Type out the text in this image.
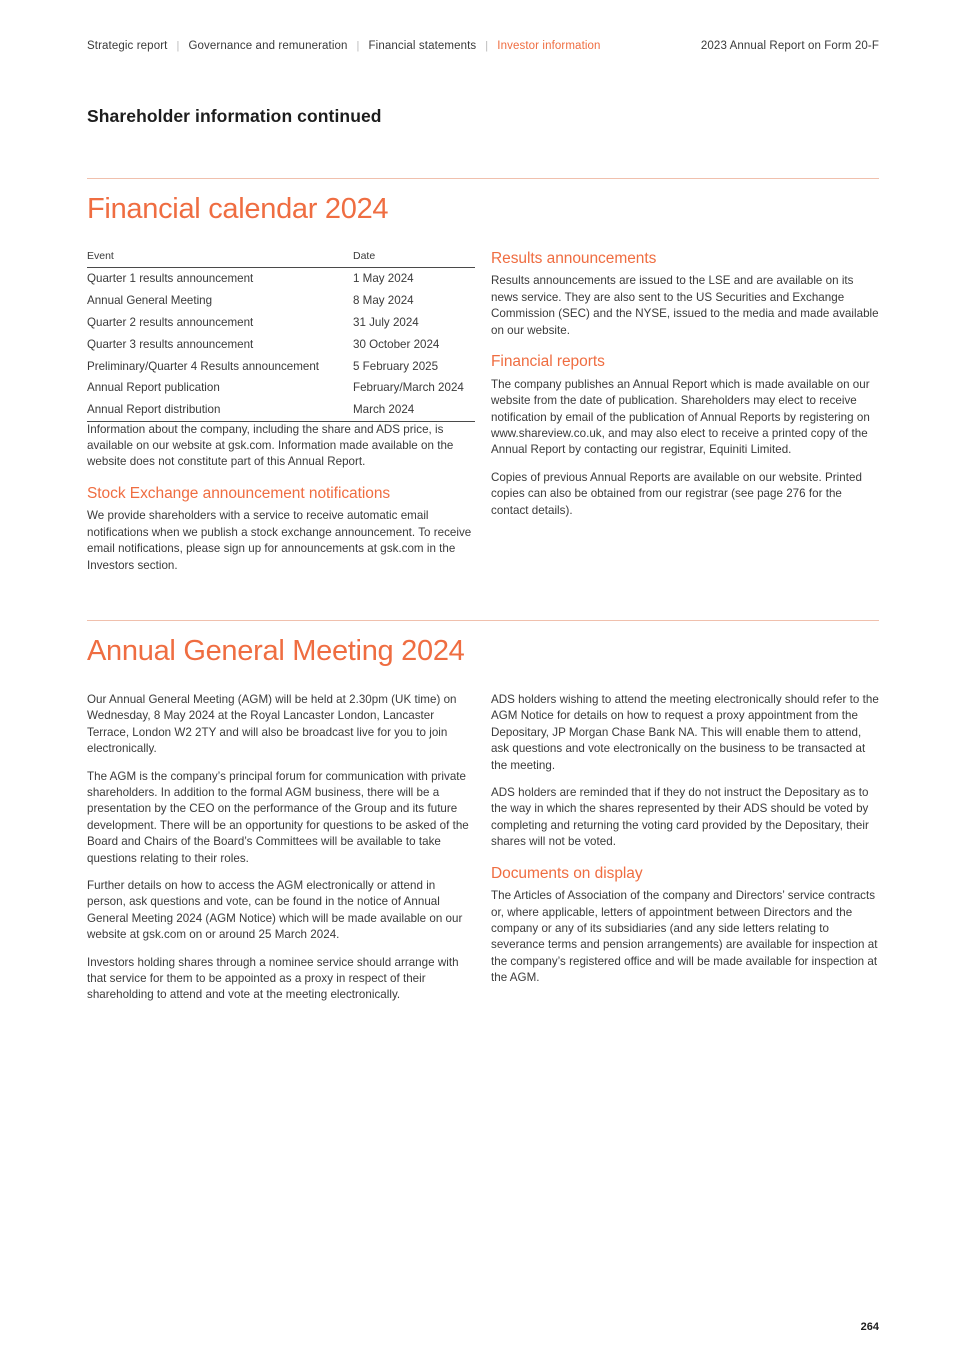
Strategic report | Governance and remuneration | Financial statements | Investor information	2023 Annual Report on Form 20-F
Shareholder information continued
Financial calendar 2024
Event	Date
Quarter 1 results announcement	1 May 2024
Annual General Meeting	8 May 2024
Quarter 2 results announcement	31 July 2024
Quarter 3 results announcement	30 October 2024
Preliminary/Quarter 4 Results announcement	5 February 2025
Annual Report publication	February/March 2024
Annual Report distribution	March 2024

Information about the company, including the share and ADS price, is available on our website at gsk.com. Information made available on the website does not constitute part of this Annual Report.

Stock Exchange announcement notifications

We provide shareholders with a service to receive automatic email notifications when we publish a stock exchange announcement. To receive email notifications, please sign up for announcements at gsk.com in the Investors section.

Results announcements

Results announcements are issued to the LSE and are available on its news service. They are also sent to the US Securities and Exchange Commission (SEC) and the NYSE, issued to the media and made available on our website.

Financial reports

The company publishes an Annual Report which is made available on our website from the date of publication. Shareholders may elect to receive notification by email of the publication of Annual Reports by registering on www.shareview.co.uk, and may also elect to receive a printed copy of the Annual Report by contacting our registrar, Equiniti Limited.

Copies of previous Annual Reports are available on our website. Printed copies can also be obtained from our registrar (see page 276 for the contact details).

Annual General Meeting 2024

Our Annual General Meeting (AGM) will be held at 2.30pm (UK time) on Wednesday, 8 May 2024 at the Royal Lancaster London, Lancaster Terrace, London W2 2TY and will also be broadcast live for you to join electronically.

The AGM is the company’s principal forum for communication with private shareholders. In addition to the formal AGM business, there will be a presentation by the CEO on the performance of the Group and its future development. There will be an opportunity for questions to be asked of the Board and Chairs of the Board’s Committees will be available to take questions relating to their roles.

Further details on how to access the AGM electronically or attend in person, ask questions and vote, can be found in the notice of Annual General Meeting 2024 (AGM Notice) which will be made available on our website at gsk.com on or around 25 March 2024.

Investors holding shares through a nominee service should arrange with that service for them to be appointed as a proxy in respect of their shareholding to attend and vote at the meeting electronically.

ADS holders wishing to attend the meeting electronically should refer to the AGM Notice for details on how to request a proxy appointment from the Depositary, JP Morgan Chase Bank NA. This will enable them to attend, ask questions and vote electronically on the business to be transacted at the meeting.

ADS holders are reminded that if they do not instruct the Depositary as to the way in which the shares represented by their ADS should be voted by completing and returning the voting card provided by the Depositary, their shares will not be voted.

Documents on display

The Articles of Association of the company and Directors’ service contracts or, where applicable, letters of appointment between Directors and the company or any of its subsidiaries (and any side letters relating to severance terms and pension arrangements) are available for inspection at the company’s registered office and will be made available for inspection at the AGM.

264
